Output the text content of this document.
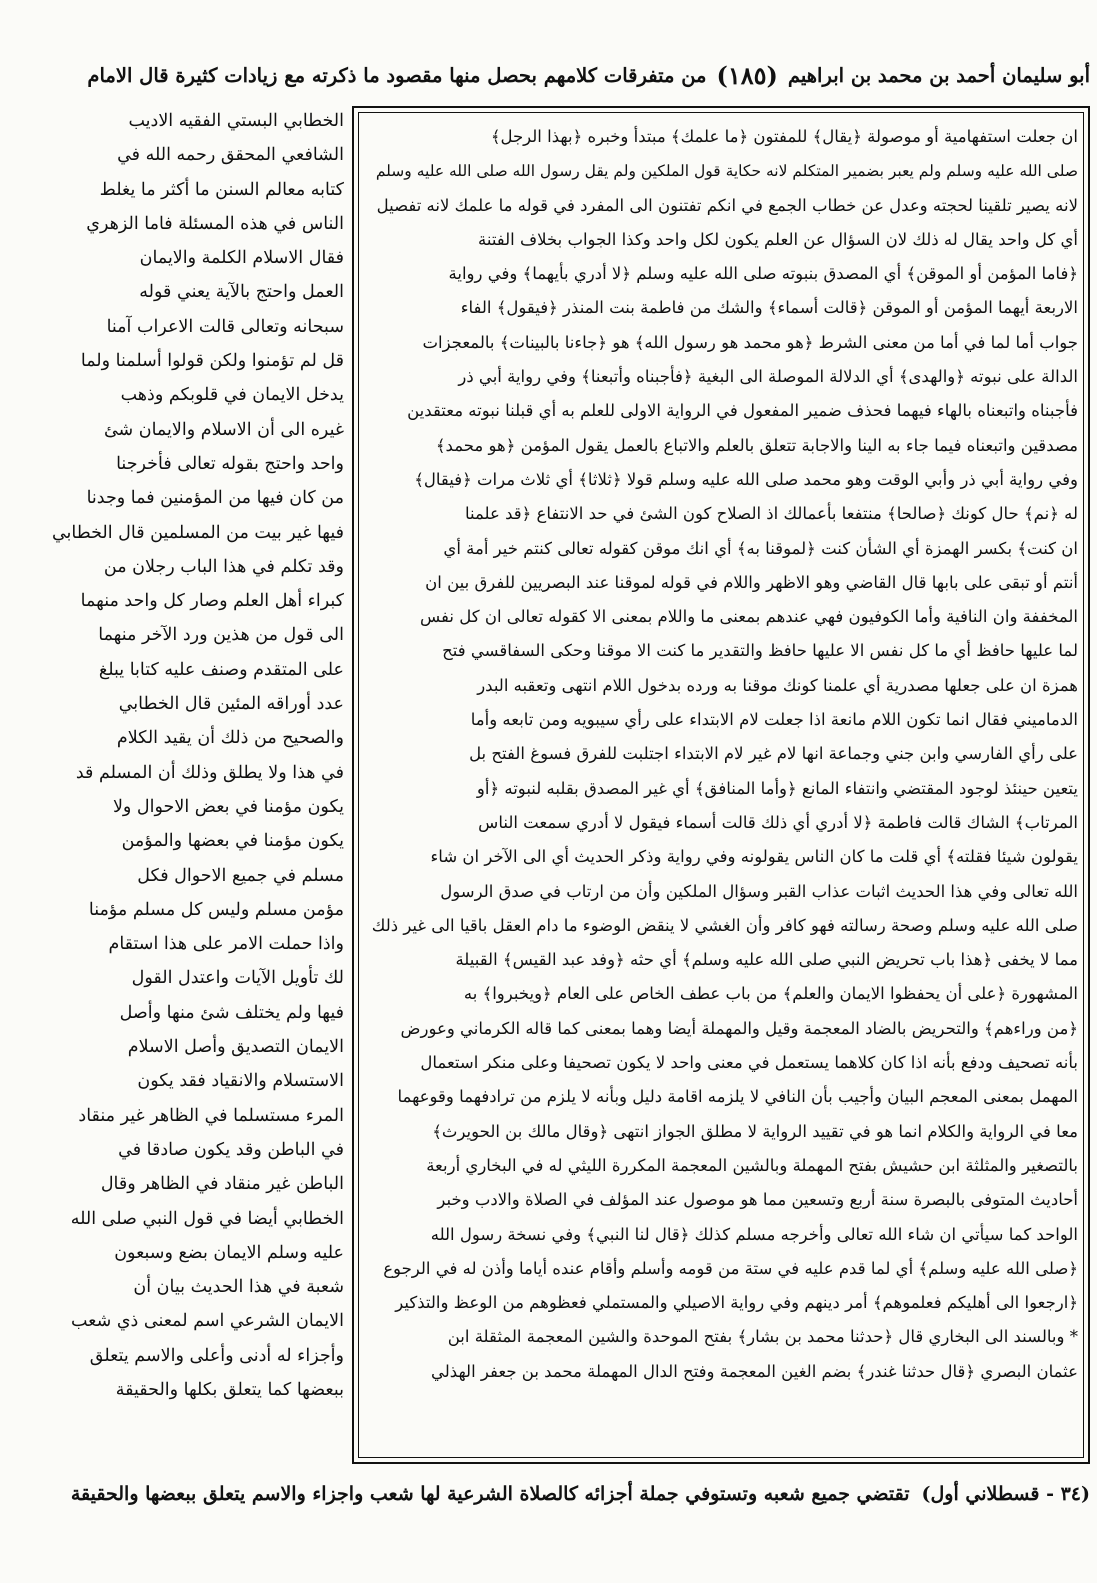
أبو سليمان أحمد بن محمد بن ابراهيم
(١٨٥)
من متفرقات كلامهم بحصل منها مقصود ما ذكرته مع زيادات كثيرة قال الامام
الخطابي البستي الفقيه الاديب
الشافعي المحقق رحمه الله في
كتابه معالم السنن ما أكثر ما يغلط
الناس في هذه المسئلة فاما الزهري
فقال الاسلام الكلمة والايمان
العمل واحتج بالآية يعني قوله
سبحانه وتعالى قالت الاعراب آمنا
قل لم تؤمنوا ولكن قولوا أسلمنا ولما
يدخل الايمان في قلوبكم وذهب
غيره الى أن الاسلام والايمان شئ
واحد واحتج بقوله تعالى فأخرجنا
من كان فيها من المؤمنين فما وجدنا
فيها غير بيت من المسلمين قال الخطابي
وقد تكلم في هذا الباب رجلان من
كبراء أهل العلم وصار كل واحد منهما
الى قول من هذين ورد الآخر منهما
على المتقدم وصنف عليه كتابا يبلغ
عدد أوراقه المئين قال الخطابي
والصحيح من ذلك أن يقيد الكلام
في هذا ولا يطلق وذلك أن المسلم قد
يكون مؤمنا في بعض الاحوال ولا
يكون مؤمنا في بعضها والمؤمن
مسلم في جميع الاحوال فكل
مؤمن مسلم وليس كل مسلم مؤمنا
واذا حملت الامر على هذا استقام
لك تأويل الآيات واعتدل القول
فيها ولم يختلف شئ منها وأصل
الايمان التصديق وأصل الاسلام
الاستسلام والانقياد فقد يكون
المرء مستسلما في الظاهر غير منقاد
في الباطن وقد يكون صادقا في
الباطن غير منقاد في الظاهر وقال
الخطابي أيضا في قول النبي صلى الله
عليه وسلم الايمان بضع وسبعون
شعبة في هذا الحديث بيان أن
الايمان الشرعي اسم لمعنى ذي شعب
وأجزاء له أدنى وأعلى والاسم يتعلق
ببعضها كما يتعلق بكلها والحقيقة
ان جعلت استفهامية أو موصولة ﴿يقال﴾ للمفتون ﴿ما علمك﴾ مبتدأ وخبره ﴿بهذا الرجل﴾
صلى الله عليه وسلم ولم يعبر بضمير المتكلم لانه حكاية قول الملكين ولم يقل رسول الله صلى الله عليه وسلم
لانه يصير تلقينا لحجته وعدل عن خطاب الجمع في انكم تفتنون الى المفرد في قوله ما علمك لانه تفصيل
أي كل واحد يقال له ذلك لان السؤال عن العلم يكون لكل واحد وكذا الجواب بخلاف الفتنة
﴿فاما المؤمن أو الموقن﴾ أي المصدق بنبوته صلى الله عليه وسلم ﴿لا أدري بأيهما﴾ وفي رواية
الاربعة أيهما المؤمن أو الموقن ﴿قالت أسماء﴾ والشك من فاطمة بنت المنذر ﴿فيقول﴾ الفاء
جواب أما لما في أما من معنى الشرط ﴿هو محمد هو رسول الله﴾ هو ﴿جاءنا بالبينات﴾ بالمعجزات
الدالة على نبوته ﴿والهدى﴾ أي الدلالة الموصلة الى البغية ﴿فأجبناه وأتبعنا﴾ وفي رواية أبي ذر
فأجبناه واتبعناه بالهاء فيهما فحذف ضمير المفعول في الرواية الاولى للعلم به أي قبلنا نبوته معتقدين
مصدقين واتبعناه فيما جاء به الينا والاجابة تتعلق بالعلم والاتباع بالعمل يقول المؤمن ﴿هو محمد﴾
وفي رواية أبي ذر وأبي الوقت وهو محمد صلى الله عليه وسلم قولا ﴿ثلاثا﴾ أي ثلاث مرات ﴿فيقال﴾
له ﴿نم﴾ حال كونك ﴿صالحا﴾ منتفعا بأعمالك اذ الصلاح كون الشئ في حد الانتفاع ﴿قد علمنا
ان كنت﴾ بكسر الهمزة أي الشأن كنت ﴿لموقنا به﴾ أي انك موقن كقوله تعالى كنتم خير أمة أي
أنتم أو تبقى على بابها قال القاضي وهو الاظهر واللام في قوله لموقنا عند البصريين للفرق بين ان
المخففة وان النافية وأما الكوفيون فهي عندهم بمعنى ما واللام بمعنى الا كقوله تعالى ان كل نفس
لما عليها حافظ أي ما كل نفس الا عليها حافظ والتقدير ما كنت الا موقنا وحكى السفاقسي فتح
همزة ان على جعلها مصدرية أي علمنا كونك موقنا به ورده بدخول اللام انتهى وتعقبه البدر
الدماميني فقال انما تكون اللام مانعة اذا جعلت لام الابتداء على رأي سيبويه ومن تابعه وأما
على رأي الفارسي وابن جني وجماعة انها لام غير لام الابتداء اجتلبت للفرق فسوغ الفتح بل
يتعين حينئذ لوجود المقتضي وانتفاء المانع ﴿وأما المنافق﴾ أي غير المصدق بقلبه لنبوته ﴿أو
المرتاب﴾ الشاك قالت فاطمة ﴿لا أدري أي ذلك قالت أسماء فيقول لا أدري سمعت الناس
يقولون شيئا فقلته﴾ أي قلت ما كان الناس يقولونه وفي رواية وذكر الحديث أي الى الآخر ان شاء
الله تعالى وفي هذا الحديث اثبات عذاب القبر وسؤال الملكين وأن من ارتاب في صدق الرسول
صلى الله عليه وسلم وصحة رسالته فهو كافر وأن الغشي لا ينقض الوضوء ما دام العقل باقيا الى غير ذلك
مما لا يخفى ﴿هذا باب تحريض النبي صلى الله عليه وسلم﴾ أي حثه ﴿وفد عبد القيس﴾ القبيلة
المشهورة ﴿على أن يحفظوا الايمان والعلم﴾ من باب عطف الخاص على العام ﴿ويخبروا﴾ به
﴿من وراءهم﴾ والتحريض بالضاد المعجمة وقيل والمهملة أيضا وهما بمعنى كما قاله الكرماني وعورض
بأنه تصحيف ودفع بأنه اذا كان كلاهما يستعمل في معنى واحد لا يكون تصحيفا وعلى منكر استعمال
المهمل بمعنى المعجم البيان وأجيب بأن النافي لا يلزمه اقامة دليل وبأنه لا يلزم من ترادفهما وقوعهما
معا في الرواية والكلام انما هو في تقييد الرواية لا مطلق الجواز انتهى ﴿وقال مالك بن الحويرث﴾
بالتصغير والمثلثة ابن حشيش بفتح المهملة وبالشين المعجمة المكررة الليثي له في البخاري أربعة
أحاديث المتوفى بالبصرة سنة أربع وتسعين مما هو موصول عند المؤلف في الصلاة والادب وخبر
الواحد كما سيأتي ان شاء الله تعالى وأخرجه مسلم كذلك ﴿قال لنا النبي﴾ وفي نسخة رسول الله
﴿صلى الله عليه وسلم﴾ أي لما قدم عليه في ستة من قومه وأسلم وأقام عنده أياما وأذن له في الرجوع
﴿ارجعوا الى أهليكم فعلموهم﴾ أمر دينهم وفي رواية الاصيلي والمستملي فعظوهم من الوعظ والتذكير
* وبالسند الى البخاري قال ﴿حدثنا محمد بن بشار﴾ بفتح الموحدة والشين المعجمة المثقلة ابن
عثمان البصري ﴿قال حدثنا غندر﴾ بضم الغين المعجمة وفتح الدال المهملة محمد بن جعفر الهذلي
(٣٤ - قسطلاني أول)
تقتضي جميع شعبه وتستوفي جملة أجزائه كالصلاة الشرعية لها شعب واجزاء والاسم يتعلق ببعضها والحقيقة
